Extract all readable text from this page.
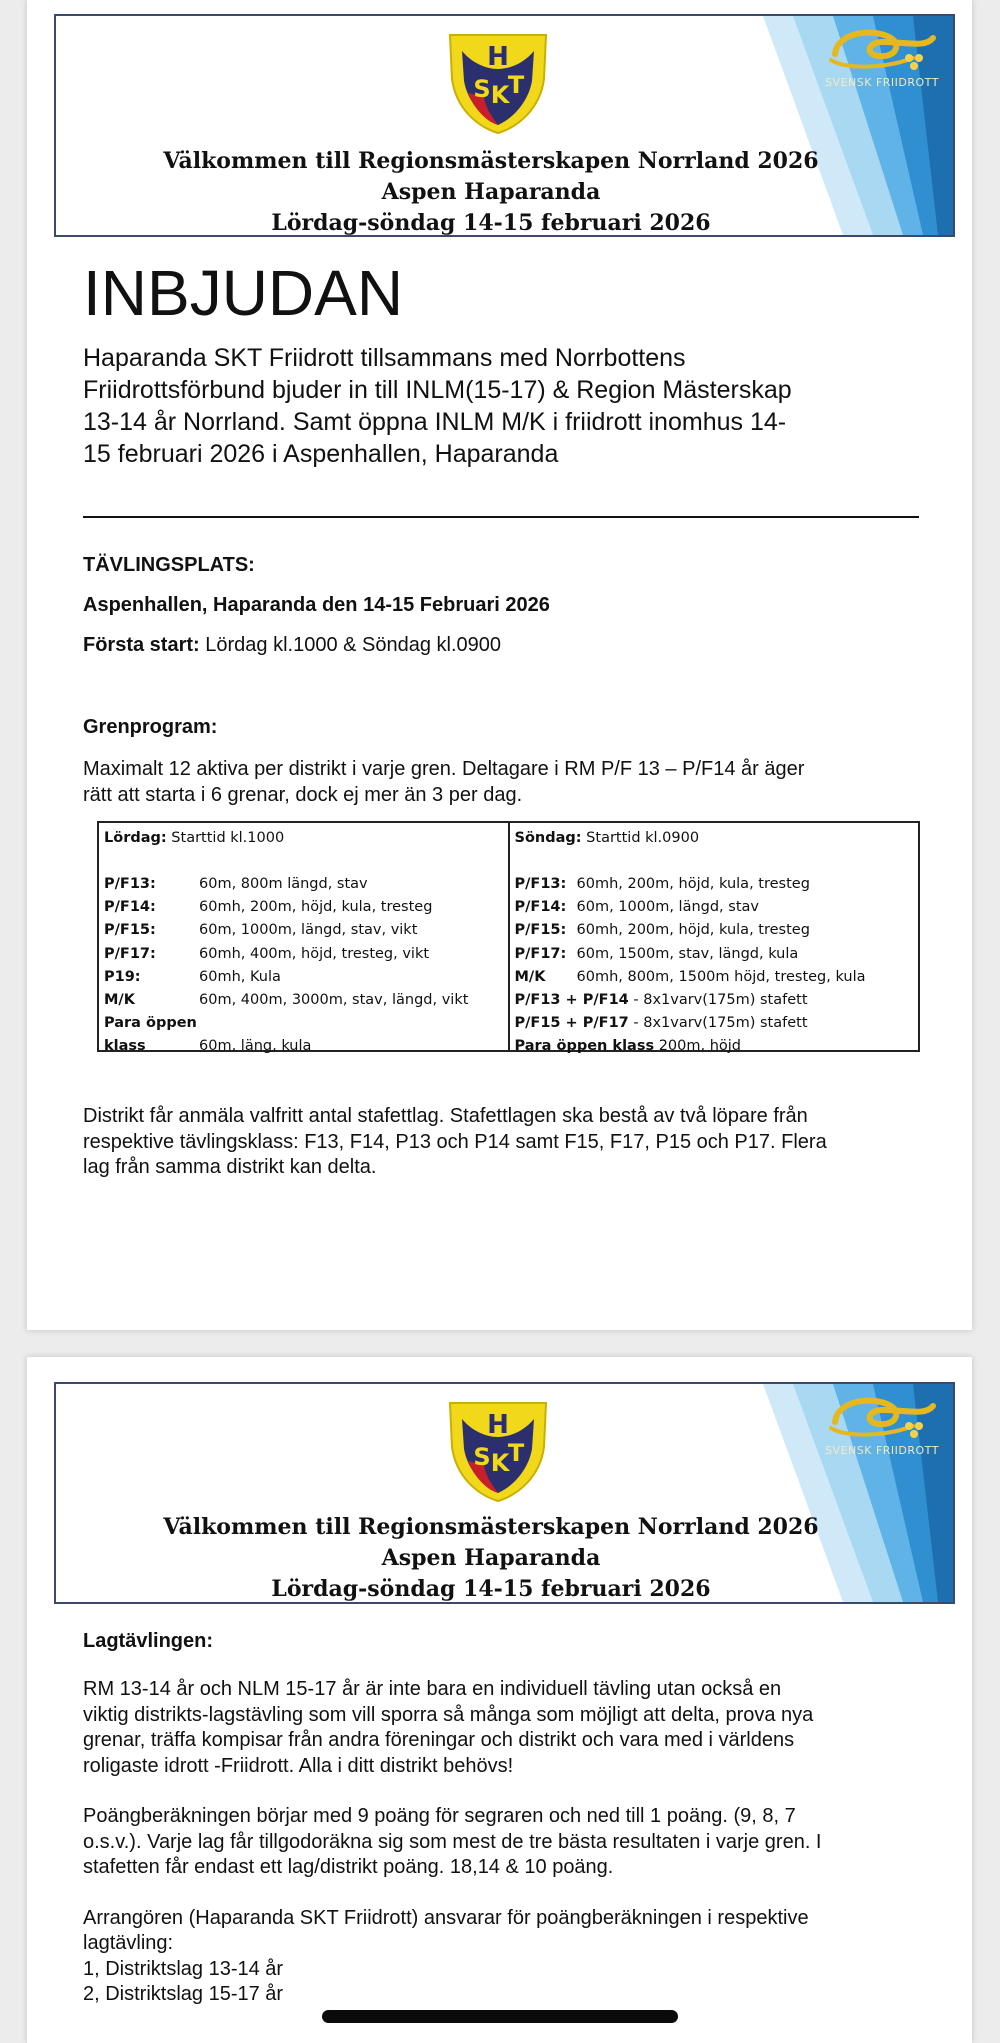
SVENSK FRIIDROTT
H
S K
T
Välkommen till Regionsmästerskapen Norrland 2026
Aspen Haparanda
Lördag-söndag 14-15 februari 2026
INBJUDAN

Haparanda SKT Friidrott tillsammans med Norrbottens
Friidrottsförbund bjuder in till INLM(15-17) & Region Mästerskap
13-14 år Norrland. Samt öppna INLM M/K i friidrott inomhus 14-
15 februari 2026 i Aspenhallen, Haparanda

TÄVLINGSPLATS:

Aspenhallen, Haparanda den 14-15 Februari 2026

Första start: Lördag kl.1000 & Söndag kl.0900

Grenprogram:

Maximalt 12 aktiva per distrikt i varje gren. Deltagare i RM P/F 13 – P/F14 år äger
rätt att starta i 6 grenar, dock ej mer än 3 per dag.

Lördag: Starttid kl.1000
P/F13:	60m, 800m längd, stav
P/F14:	60mh, 200m, höjd, kula, tresteg
P/F15:	60m, 1000m, längd, stav, vikt
P/F17:	60mh, 400m, höjd, tresteg, vikt
P19:	60mh, Kula
M/K	60m, 400m, 3000m, stav, längd, vikt
Para öppen
klass	60m, läng, kula
Söndag: Starttid kl.0900
P/F13: 60mh, 200m, höjd, kula, tresteg
P/F14: 60m, 1000m, längd, stav
P/F15: 60mh, 200m, höjd, kula, tresteg
P/F17: 60m, 1500m, stav, längd, kula
M/K	60mh, 800m, 1500m höjd, tresteg, kula
P/F13 + P/F14 - 8x1varv(175m) stafett
P/F15 + P/F17 - 8x1varv(175m) stafett
Para öppen klass 200m, höjd

Distrikt får anmäla valfritt antal stafettlag. Stafettlagen ska bestå av två löpare från
respektive tävlingsklass: F13, F14, P13 och P14 samt F15, F17, P15 och P17. Flera
lag från samma distrikt kan delta.

SVENSK FRIIDROTT
H
S K
T
Välkommen till Regionsmästerskapen Norrland 2026
Aspen Haparanda
Lördag-söndag 14-15 februari 2026

Lagtävlingen:

RM 13-14 år och NLM 15-17 år är inte bara en individuell tävling utan också en
viktig distrikts-lagstävling som vill sporra så många som möjligt att delta, prova nya
grenar, träffa kompisar från andra föreningar och distrikt och vara med i världens
roligaste idrott -Friidrott. Alla i ditt distrikt behövs!

Poängberäkningen börjar med 9 poäng för segraren och ned till 1 poäng. (9, 8, 7
o.s.v.). Varje lag får tillgodoräkna sig som mest de tre bästa resultaten i varje gren. I
stafetten får endast ett lag/distrikt poäng. 18,14 & 10 poäng.

Arrangören (Haparanda SKT Friidrott) ansvarar för poängberäkningen i respektive
lagtävling:
1, Distriktslag 13-14 år
2, Distriktslag 15-17 år
